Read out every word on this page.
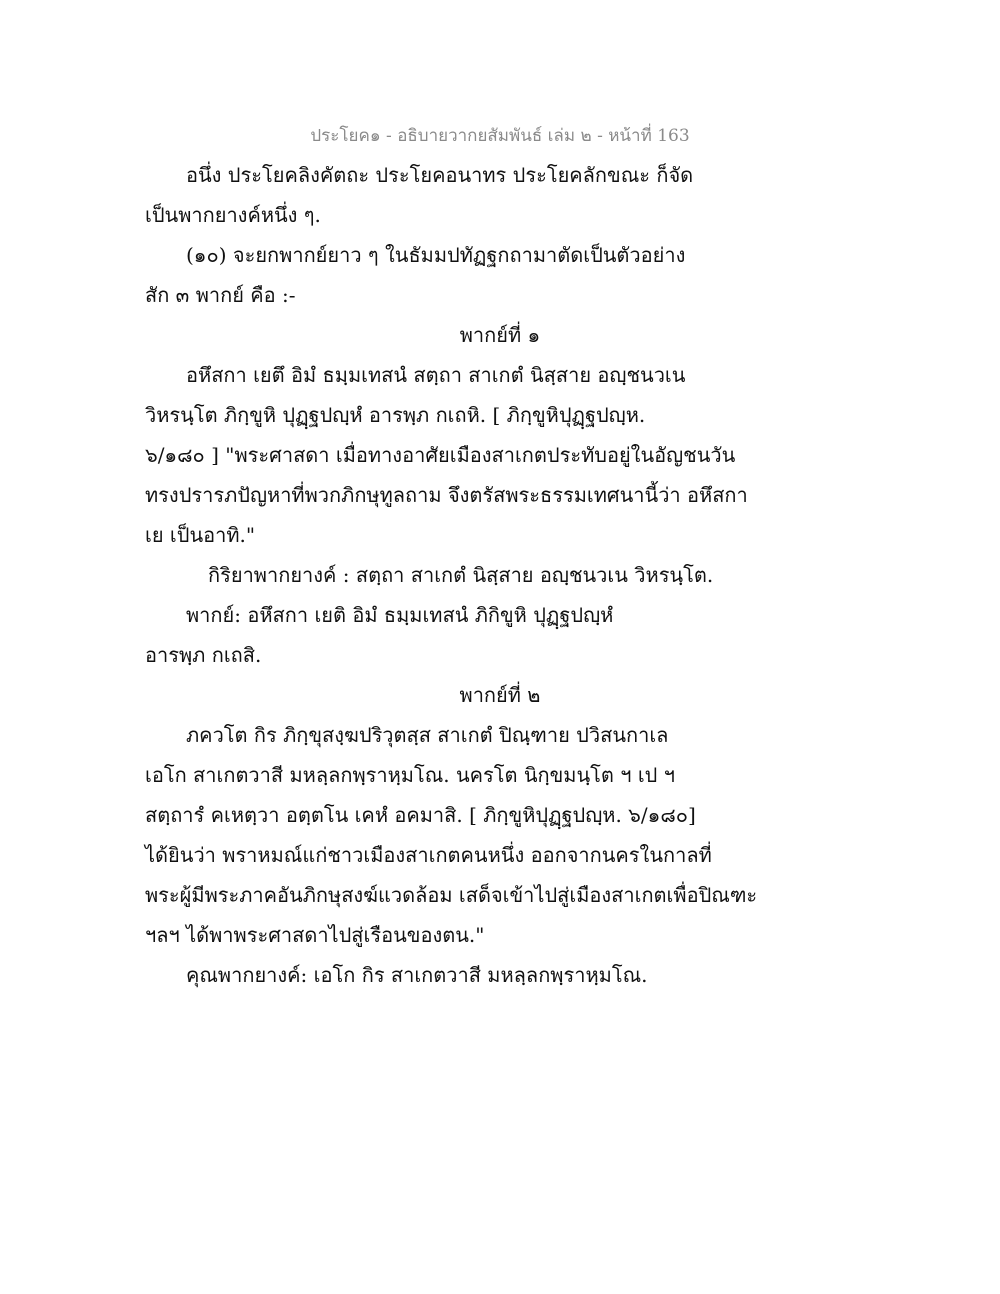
ประโยค๑ - อธิบายวากยสัมพันธ์ เล่ม ๒ - หน้าที่ 163
อนึ่ง ประโยคลิงคัตถะ ประโยคอนาทร ประโยคลักขณะ ก็จัด
เป็นพากยางค์หนึ่ง ๆ.
(๑๐) จะยกพากย์ยาว ๆ ในธัมมปทัฏฐกถามาตัดเป็นตัวอย่าง
สัก ๓ พากย์ คือ :-
พากย์ที่ ๑
อหึสกา เยตึ อิมํ ธมฺมเทสนํ สตฺถา สาเกตํ นิสฺสาย อญฺชนวเน
วิหรนฺโต ภิกฺขูหิ ปุฏฺฐปญฺหํ อารพฺภ กเถหิ. [ ภิกฺขูหิปุฏฺฐปญฺห.
๖/๑๘๐ ] "พระศาสดา เมื่อทางอาศัยเมืองสาเกตประทับอยู่ในอัญชนวัน
ทรงปรารภปัญหาที่พวกภิกษุทูลถาม จึงตรัสพระธรรมเทศนานี้ว่า อหึสกา
เย เป็นอาทิ."
กิริยาพากยางค์ : สตฺถา สาเกตํ นิสฺสาย อญฺชนวเน วิหรนฺโต.
พากย์: อหึสกา เยติ อิมํ ธมฺมเทสนํ ภิกิขูหิ ปุฏฺฐปญฺหํ
อารพฺภ กเถสิ.
พากย์ที่ ๒
ภควโต กิร ภิกฺขุสงฺฆปริวุตสฺส สาเกตํ ปิณฺฑาย ปวิสนกาเล
เอโก สาเกตวาสี มหลฺลกพฺราหฺมโณ. นครโต นิกฺขมนฺโต ฯ เป ฯ
สตฺถารํ คเหตฺวา อตฺตโน เคหํ อคมาสิ. [ ภิกฺขูหิปุฏฺฐปญฺห. ๖/๑๘๐]
ได้ยินว่า พราหมณ์แก่ชาวเมืองสาเกตคนหนึ่ง ออกจากนครในกาลที่
พระผู้มีพระภาคอันภิกษุสงฆ์แวดล้อม เสด็จเข้าไปสู่เมืองสาเกตเพื่อปิณฑะ
ฯลฯ ได้พาพระศาสดาไปสู่เรือนของตน."
คุณพากยางค์: เอโก กิร สาเกตวาสี มหลฺลกพฺราหฺมโณ.
